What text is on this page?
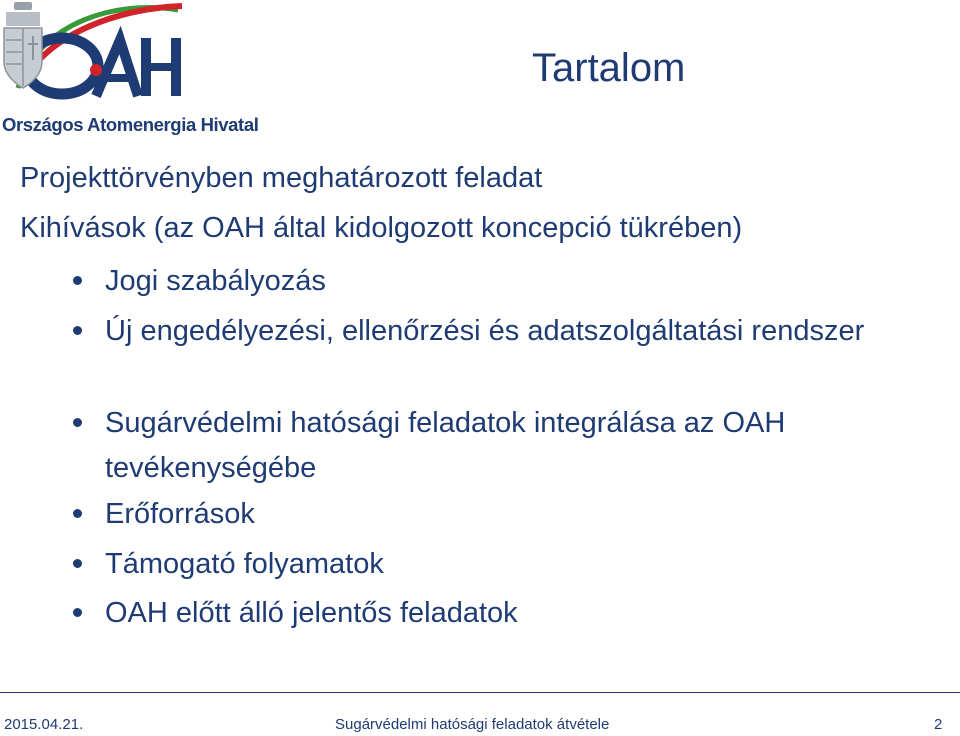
Országos Atomenergia Hivatal
Tartalom
Projekttörvényben meghatározott feladat
Kihívások (az OAH által kidolgozott koncepció tükrében)
Jogi szabályozás
Új engedélyezési, ellenőrzési és adatszolgáltatási rendszer
Sugárvédelmi hatósági feladatok integrálása az OAH tevékenységébe
Erőforrások
Támogató folyamatok
OAH előtt álló jelentős feladatok
2015.04.21.	Sugárvédelmi hatósági feladatok átvétele	2
